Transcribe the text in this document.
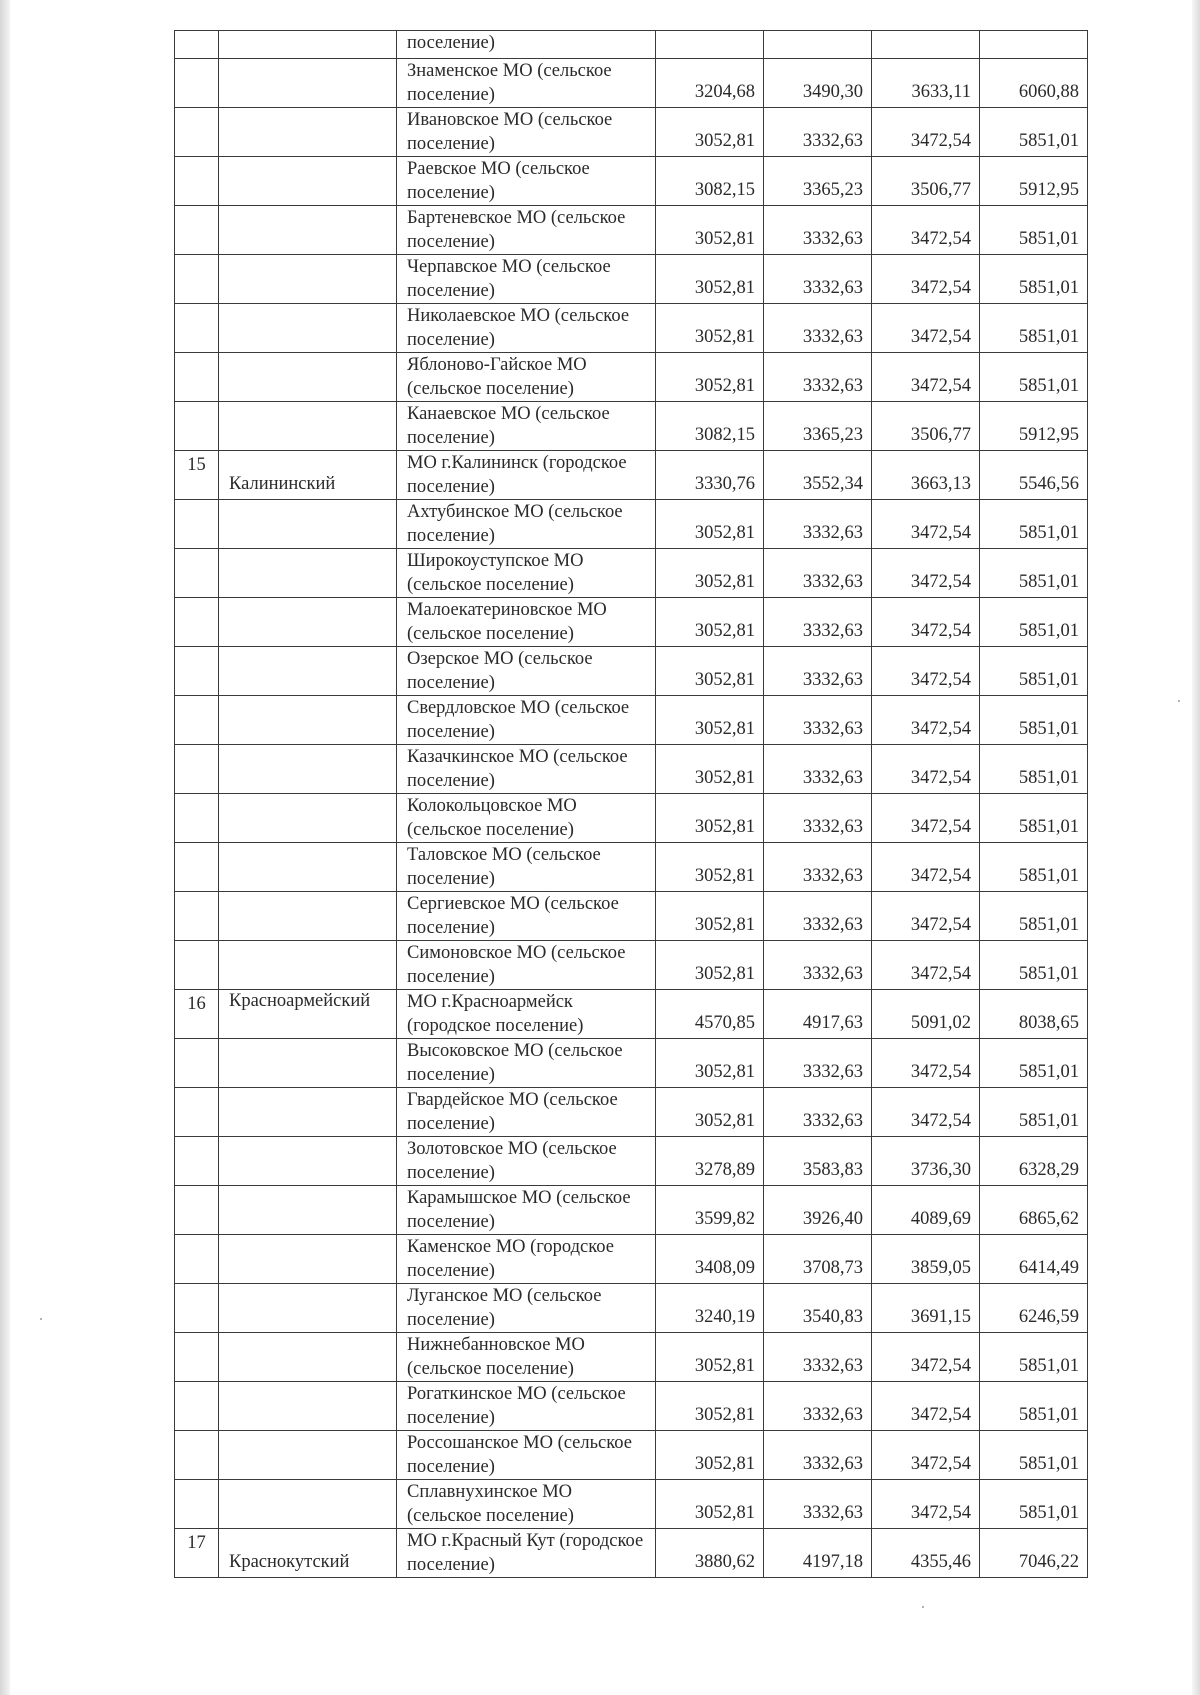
		поселение)				

		Знаменское МО (сельское поселение)	3204,68	3490,30	3633,11	6060,88

		Ивановское МО (сельское поселение)	3052,81	3332,63	3472,54	5851,01

		Раевское МО (сельское поселение)	3082,15	3365,23	3506,77	5912,95

		Бартеневское МО (сельское поселение)	3052,81	3332,63	3472,54	5851,01

		Черпавское МО (сельское поселение)	3052,81	3332,63	3472,54	5851,01

		Николаевское МО (сельское поселение)	3052,81	3332,63	3472,54	5851,01

		Яблоново-Гайское МО (сельское поселение)	3052,81	3332,63	3472,54	5851,01

		Канаевское МО (сельское поселение)	3082,15	3365,23	3506,77	5912,95

15	Калининский	МО г.Калининск (городское поселение)	3330,76	3552,34	3663,13	5546,56

		Ахтубинское МО (сельское поселение)	3052,81	3332,63	3472,54	5851,01

		Широкоуступское МО (сельское поселение)	3052,81	3332,63	3472,54	5851,01

		Малоекатериновское МО (сельское поселение)	3052,81	3332,63	3472,54	5851,01

		Озерское МО (сельское поселение)	3052,81	3332,63	3472,54	5851,01

		Свердловское МО (сельское поселение)	3052,81	3332,63	3472,54	5851,01

		Казачкинское МО (сельское поселение)	3052,81	3332,63	3472,54	5851,01

		Колокольцовское МО (сельское поселение)	3052,81	3332,63	3472,54	5851,01

		Таловское МО (сельское поселение)	3052,81	3332,63	3472,54	5851,01

		Сергиевское МО (сельское поселение)	3052,81	3332,63	3472,54	5851,01

		Симоновское МО (сельское поселение)	3052,81	3332,63	3472,54	5851,01

16	Красноармейский	МО г.Красноармейск (городское поселение)	4570,85	4917,63	5091,02	8038,65

		Высоковское МО (сельское поселение)	3052,81	3332,63	3472,54	5851,01

		Гвардейское МО (сельское поселение)	3052,81	3332,63	3472,54	5851,01

		Золотовское МО (сельское поселение)	3278,89	3583,83	3736,30	6328,29

		Карамышское МО (сельское поселение)	3599,82	3926,40	4089,69	6865,62

		Каменское МО (городское поселение)	3408,09	3708,73	3859,05	6414,49

		Луганское МО (сельское поселение)	3240,19	3540,83	3691,15	6246,59

		Нижнебанновское МО (сельское поселение)	3052,81	3332,63	3472,54	5851,01

		Рогаткинское МО (сельское поселение)	3052,81	3332,63	3472,54	5851,01

		Россошанское МО (сельское поселение)	3052,81	3332,63	3472,54	5851,01

		Сплавнухинское МО (сельское поселение)	3052,81	3332,63	3472,54	5851,01

17	Краснокутский	МО г.Красный Кут (городское поселение)	3880,62	4197,18	4355,46	7046,22
